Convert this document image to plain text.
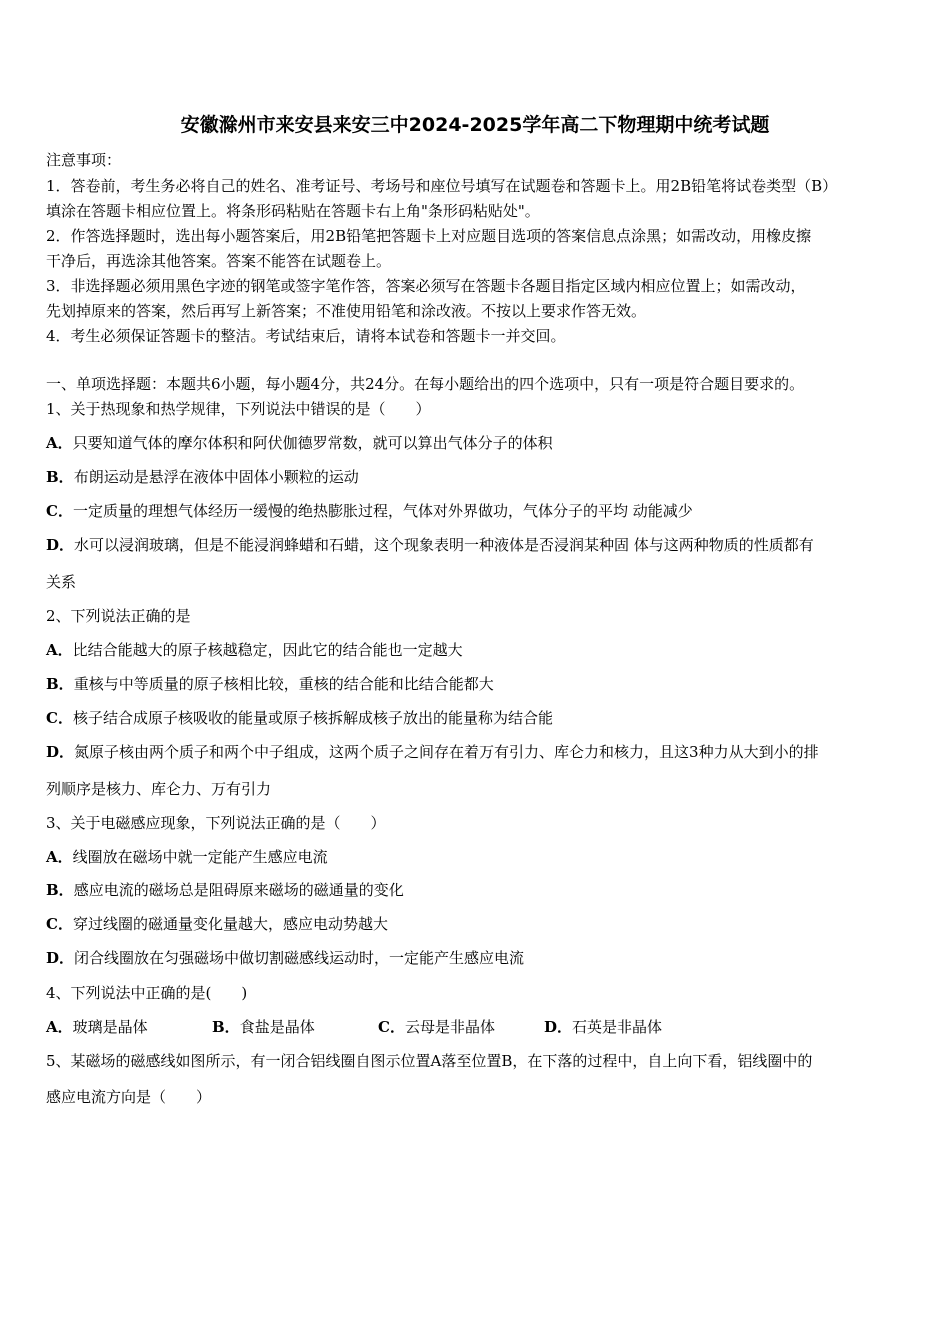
安徽滁州市来安县来安三中2024-2025学年高二下物理期中统考试题
注意事项：
1．答卷前，考生务必将自己的姓名、准考证号、考场号和座位号填写在试题卷和答题卡上。用2B铅笔将试卷类型（B）
填涂在答题卡相应位置上。将条形码粘贴在答题卡右上角"条形码粘贴处"。
2．作答选择题时，选出每小题答案后，用2B铅笔把答题卡上对应题目选项的答案信息点涂黑；如需改动，用橡皮擦
干净后，再选涂其他答案。答案不能答在试题卷上。
3．非选择题必须用黑色字迹的钢笔或签字笔作答，答案必须写在答题卡各题目指定区域内相应位置上；如需改动，
先划掉原来的答案，然后再写上新答案；不准使用铅笔和涂改液。不按以上要求作答无效。
4．考生必须保证答题卡的整洁。考试结束后，请将本试卷和答题卡一并交回。
一、单项选择题：本题共6小题，每小题4分，共24分。在每小题给出的四个选项中，只有一项是符合题目要求的。
1、关于热现象和热学规律，下列说法中错误的是（　　）
A．只要知道气体的摩尔体积和阿伏伽德罗常数，就可以算出气体分子的体积
B．布朗运动是悬浮在液体中固体小颗粒的运动
C．一定质量的理想气体经历一缓慢的绝热膨胀过程，气体对外界做功，气体分子的平均 动能减少
D．水可以浸润玻璃，但是不能浸润蜂蜡和石蜡，这个现象表明一种液体是否浸润某种固 体与这两种物质的性质都有
关系
2、下列说法正确的是
A．比结合能越大的原子核越稳定，因此它的结合能也一定越大
B．重核与中等质量的原子核相比较，重核的结合能和比结合能都大
C．核子结合成原子核吸收的能量或原子核拆解成核子放出的能量称为结合能
D．氮原子核由两个质子和两个中子组成，这两个质子之间存在着万有引力、库仑力和核力，且这3种力从大到小的排
列顺序是核力、库仑力、万有引力
3、关于电磁感应现象，下列说法正确的是（　　）
A．线圈放在磁场中就一定能产生感应电流
B．感应电流的磁场总是阻碍原来磁场的磁通量的变化
C．穿过线圈的磁通量变化量越大，感应电动势越大
D．闭合线圈放在匀强磁场中做切割磁感线运动时，一定能产生感应电流
4、下列说法中正确的是(　　)
A．玻璃是晶体	B．食盐是晶体	C．云母是非晶体	D．石英是非晶体
5、某磁场的磁感线如图所示，有一闭合铝线圈自图示位置A落至位置B，在下落的过程中，自上向下看，铝线圈中的
感应电流方向是（　　）
